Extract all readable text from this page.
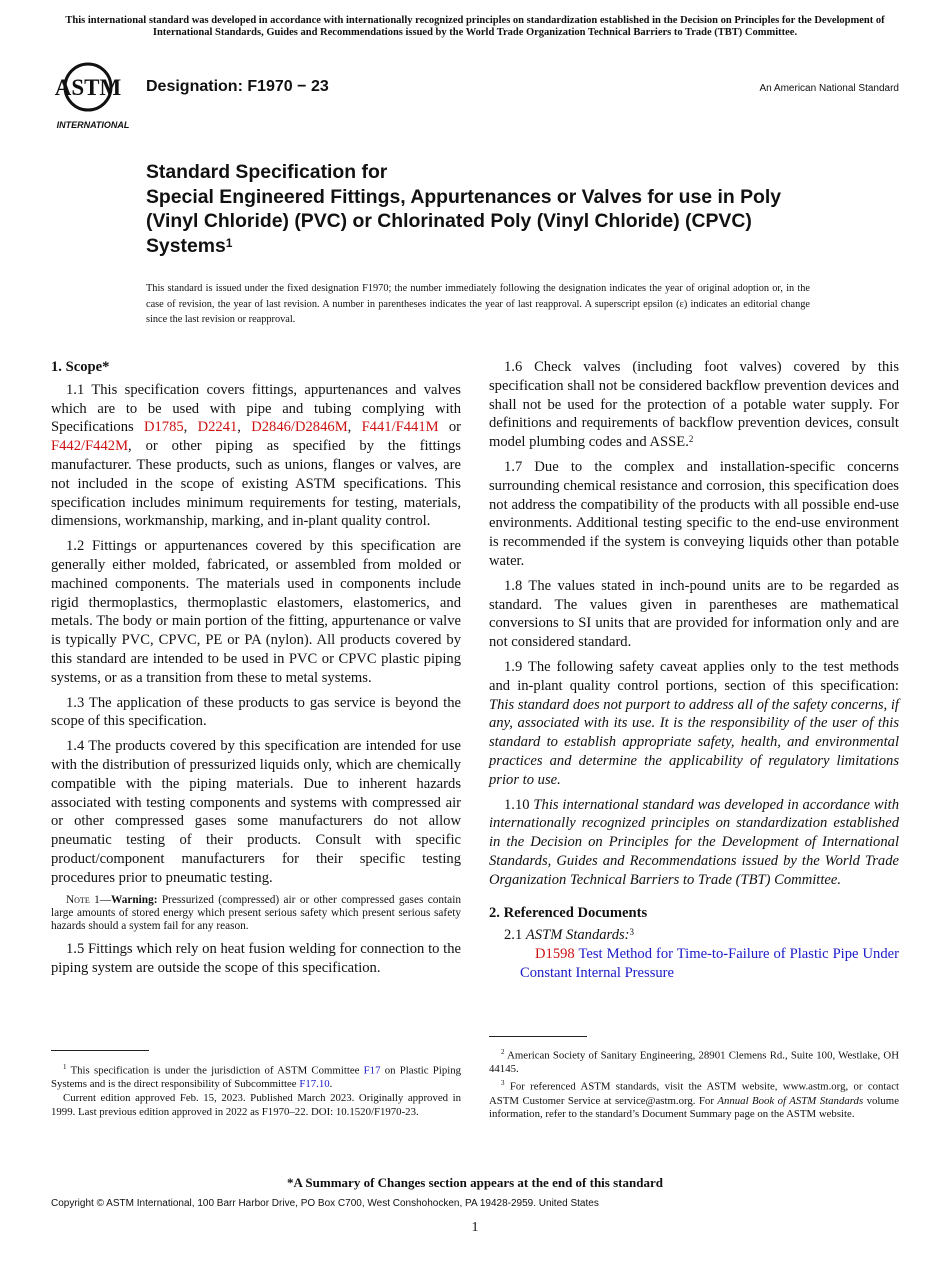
This international standard was developed in accordance with internationally recognized principles on standardization established in the Decision on Principles for the Development of International Standards, Guides and Recommendations issued by the World Trade Organization Technical Barriers to Trade (TBT) Committee.
ASTM
INTERNATIONAL
Designation: F1970 − 23	An American National Standard
Standard Specification for
Special Engineered Fittings, Appurtenances or Valves for use in Poly (Vinyl Chloride) (PVC) or Chlorinated Poly (Vinyl Chloride) (CPVC) Systems$^1$
This standard is issued under the fixed designation F1970; the number immediately following the designation indicates the year of original adoption or, in the case of revision, the year of last revision. A number in parentheses indicates the year of last reapproval. A superscript epsilon (ε) indicates an editorial change since the last revision or reapproval.
1. Scope*

1.1 This specification covers fittings, appurtenances and valves which are to be used with pipe and tubing complying with Specifications D1785, D2241, D2846/D2846M, F441/F441M or F442/F442M, or other piping as specified by the fittings manufacturer. These products, such as unions, flanges or valves, are not included in the scope of existing ASTM specifications. This specification includes minimum requirements for testing, materials, dimensions, workmanship, marking, and in-plant quality control.

1.2 Fittings or appurtenances covered by this specification are generally either molded, fabricated, or assembled from molded or machined components. The materials used in components include rigid thermoplastics, thermoplastic elastomers, elastomerics, and metals. The body or main portion of the fitting, appurtenance or valve is typically PVC, CPVC, PE or PA (nylon). All products covered by this standard are intended to be used in PVC or CPVC plastic piping systems, or as a transition from these to metal systems.

1.3 The application of these products to gas service is beyond the scope of this specification.

1.4 The products covered by this specification are intended for use with the distribution of pressurized liquids only, which are chemically compatible with the piping materials. Due to inherent hazards associated with testing components and systems with compressed air or other compressed gases some manufacturers do not allow pneumatic testing of their products. Consult with specific product/component manufacturers for their specific testing procedures prior to pneumatic testing.

Note 1—Warning: Pressurized (compressed) air or other compressed gases contain large amounts of stored energy which present serious safety which present serious safety hazards should a system fail for any reason.

1.5 Fittings which rely on heat fusion welding for connection to the piping system are outside the scope of this specification.

$^1$ This specification is under the jurisdiction of ASTM Committee F17 on Plastic Piping Systems and is the direct responsibility of Subcommittee F17.10.

Current edition approved Feb. 15, 2023. Published March 2023. Originally approved in 1999. Last previous edition approved in 2022 as F1970–22. DOI: 10.1520/F1970-23.

1.6 Check valves (including foot valves) covered by this specification shall not be considered backflow prevention devices and shall not be used for the protection of a potable water supply. For definitions and requirements of backflow prevention devices, consult model plumbing codes and ASSE.$^2$

1.7 Due to the complex and installation-specific concerns surrounding chemical resistance and corrosion, this specification does not address the compatibility of the products with all possible end-use environments. Additional testing specific to the end-use environment is recommended if the system is conveying liquids other than potable water.

1.8 The values stated in inch-pound units are to be regarded as standard. The values given in parentheses are mathematical conversions to SI units that are provided for information only and are not considered standard.

1.9 The following safety caveat applies only to the test methods and in-plant quality control portions, section of this specification: This standard does not purport to address all of the safety concerns, if any, associated with its use. It is the responsibility of the user of this standard to establish appropriate safety, health, and environmental practices and determine the applicability of regulatory limitations prior to use.

1.10 This international standard was developed in accordance with internationally recognized principles on standardization established in the Decision on Principles for the Development of International Standards, Guides and Recommendations issued by the World Trade Organization Technical Barriers to Trade (TBT) Committee.

2. Referenced Documents

2.1 ASTM Standards:$^3$

D1598 Test Method for Time-to-Failure of Plastic Pipe Under Constant Internal Pressure

$^2$ American Society of Sanitary Engineering, 28901 Clemens Rd., Suite 100, Westlake, OH 44145.

$^3$ For referenced ASTM standards, visit the ASTM website, www.astm.org, or contact ASTM Customer Service at service@astm.org. For Annual Book of ASTM Standards volume information, refer to the standard’s Document Summary page on the ASTM website.

*A Summary of Changes section appears at the end of this standard
Copyright © ASTM International, 100 Barr Harbor Drive, PO Box C700, West Conshohocken, PA 19428-2959. United States
1
